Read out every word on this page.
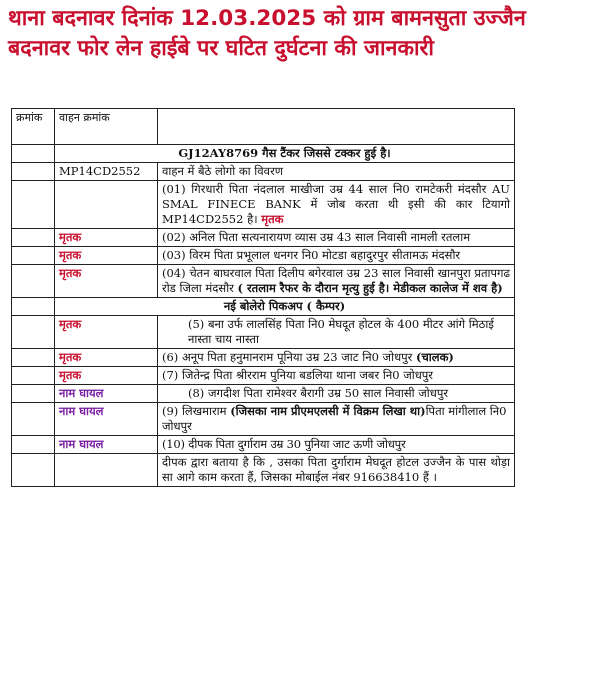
थाना बदनावर दिनांक 12.03.2025 को ग्राम बामनसुता उज्जैन बदनावर फोर लेन हाईबे पर घटित दुर्घटना की जानकारी
क्रमांक	वाहन क्रमांक	
	GJ12AY8769 गैस टैंकर जिससे टक्कर हुई है।	
	MP14CD2552	वाहन में बैठे लोगो का विवरण
		(01) गिरधारी पिता नंदलाल माखीजा उम्र 44 साल नि0 रामटेकरी मंदसौर AU SMAL FINECE BANK में जोब करता थी इसी की कार टियागो MP14CD2552 है। मृतक
	मृतक	(02) अनिल पिता सत्यनारायण व्यास उम्र 43 साल निवासी नामली रतलाम
	मृतक	(03) विरम पिता प्रभूलाल धनगर नि0 मोटडा बहादुरपुर सीतामऊ मंदसौर
	मृतक	(04) चेतन बाघरवाल पिता दिलीप बगेरवाल उम्र 23 साल निवासी खानपुरा प्रतापगढ रोड जिला मंदसौर ( रतलाम रैफर के दौरान मृत्यु हुई है। मेडीकल कालेज में शव है)
	नई बोलेरो पिकअप ( कैम्पर)	
	मृतक	(5) बना उर्फ लालसिंह पिता नि0 मेघदूत होटल के 400 मीटर आंगे मिठाई नास्ता चाय नास्ता
	मृतक	(6) अनूप पिता हनुमानराम पूनिया उम्र 23 जाट नि0 जोधपुर (चालक)
	मृतक	(7) जितेन्द्र पिता श्रीरराम पुनिया बडलिया थाना जबर नि0 जोधपुर
	नाम घायल	(8) जगदीश पिता रामेश्वर बैरागी उम्र 50 साल निवासी जोधपुर
	नाम घायल	(9) लिखमाराम (जिसका नाम प्रीएमएलसी में विक्रम लिखा था)पिता मांगीलाल नि0 जोधपुर
	नाम घायल	(10) दीपक पिता दुर्गाराम उम्र 30 पुनिया जाट ऊणी जोधपुर
		दीपक द्वारा बताया है कि , उसका पिता दुर्गाराम मेघदूत होटल उज्जैन के पास थोड़ा सा आगे काम करता हैं, जिसका मोबाईल नंबर 916638410 हैं ।
